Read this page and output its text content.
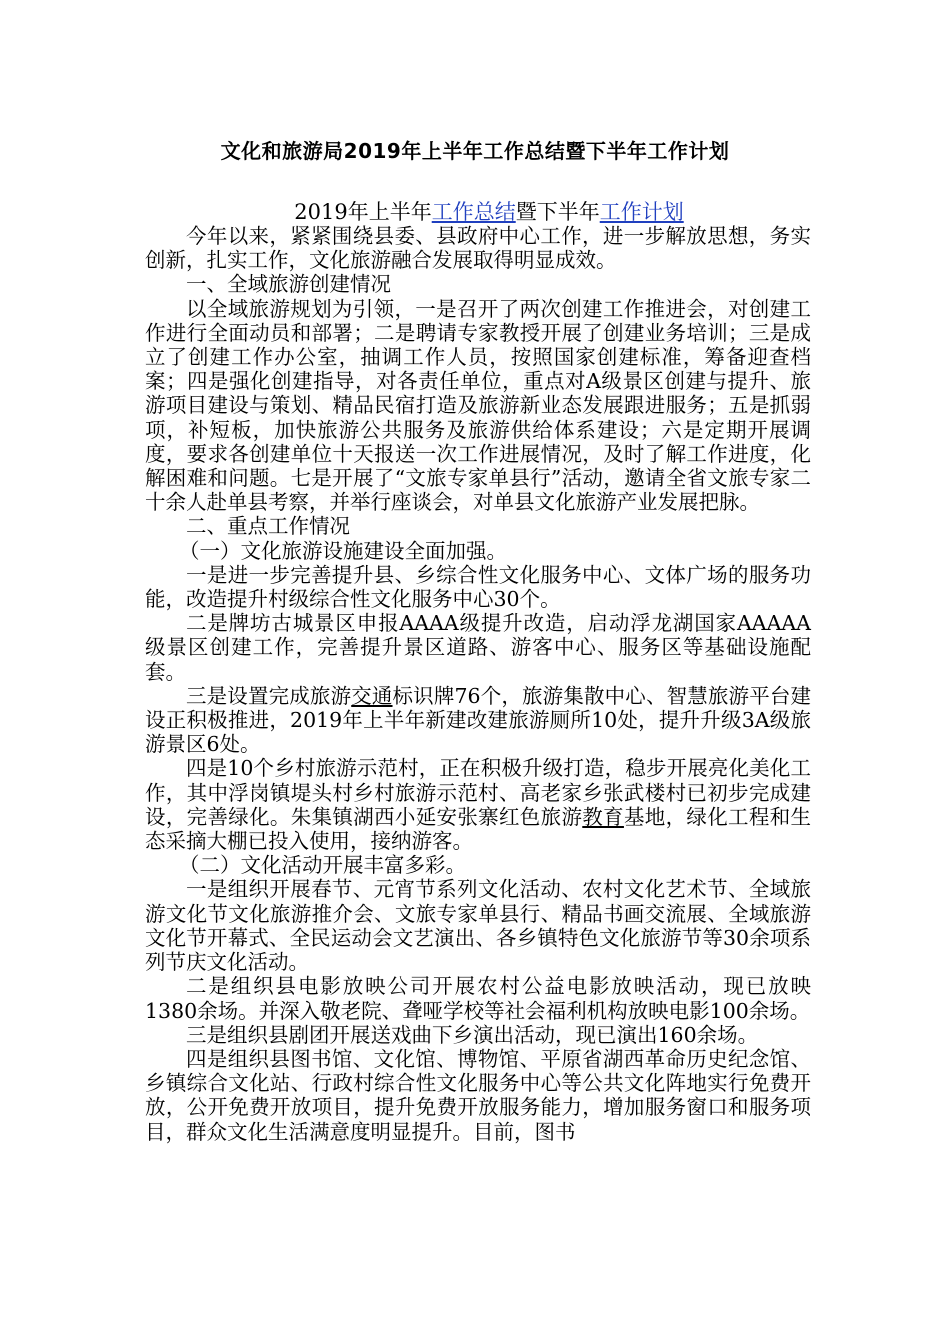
文化和旅游局2019年上半年工作总结暨下半年工作计划
2019年上半年工作总结暨下半年工作计划

今年以来，紧紧围绕县委、县政府中心工作，进一步解放思想，务实创新，扎实工作，文化旅游融合发展取得明显成效。

一、全域旅游创建情况

以全域旅游规划为引领，一是召开了两次创建工作推进会，对创建工作进行全面动员和部署；二是聘请专家教授开展了创建业务培训；三是成立了创建工作办公室，抽调工作人员，按照国家创建标准，筹备迎查档案；四是强化创建指导，对各责任单位，重点对A级景区创建与提升、旅游项目建设与策划、精品民宿打造及旅游新业态发展跟进服务；五是抓弱项，补短板，加快旅游公共服务及旅游供给体系建设；六是定期开展调度，要求各创建单位十天报送一次工作进展情况，及时了解工作进度，化解困难和问题。七是开展了“文旅专家单县行”活动，邀请全省文旅专家二十余人赴单县考察，并举行座谈会，对单县文化旅游产业发展把脉。

二、重点工作情况

（一）文化旅游设施建设全面加强。

一是进一步完善提升县、乡综合性文化服务中心、文体广场的服务功能，改造提升村级综合性文化服务中心30个。

二是牌坊古城景区申报AAAA级提升改造，启动浮龙湖国家AAAAA级景区创建工作，完善提升景区道路、游客中心、服务区等基础设施配套。

三是设置完成旅游交通标识牌76个，旅游集散中心、智慧旅游平台建设正积极推进，2019年上半年新建改建旅游厕所10处，提升升级3A级旅游景区6处。

四是10个乡村旅游示范村，正在积极升级打造，稳步开展亮化美化工作，其中浮岗镇堤头村乡村旅游示范村、高老家乡张武楼村已初步完成建设，完善绿化。朱集镇湖西小延安张寨红色旅游教育基地，绿化工程和生态采摘大棚已投入使用，接纳游客。

（二）文化活动开展丰富多彩。

一是组织开展春节、元宵节系列文化活动、农村文化艺术节、全域旅游文化节文化旅游推介会、文旅专家单县行、精品书画交流展、全域旅游文化节开幕式、全民运动会文艺演出、各乡镇特色文化旅游节等30余项系列节庆文化活动。

二是组织县电影放映公司开展农村公益电影放映活动，现已放映1380余场。并深入敬老院、聋哑学校等社会福利机构放映电影100余场。

三是组织县剧团开展送戏曲下乡演出活动，现已演出160余场。

四是组织县图书馆、文化馆、博物馆、平原省湖西革命历史纪念馆、乡镇综合文化站、行政村综合性文化服务中心等公共文化阵地实行免费开放，公开免费开放项目，提升免费开放服务能力，增加服务窗口和服务项目，群众文化生活满意度明显提升。目前，图书
